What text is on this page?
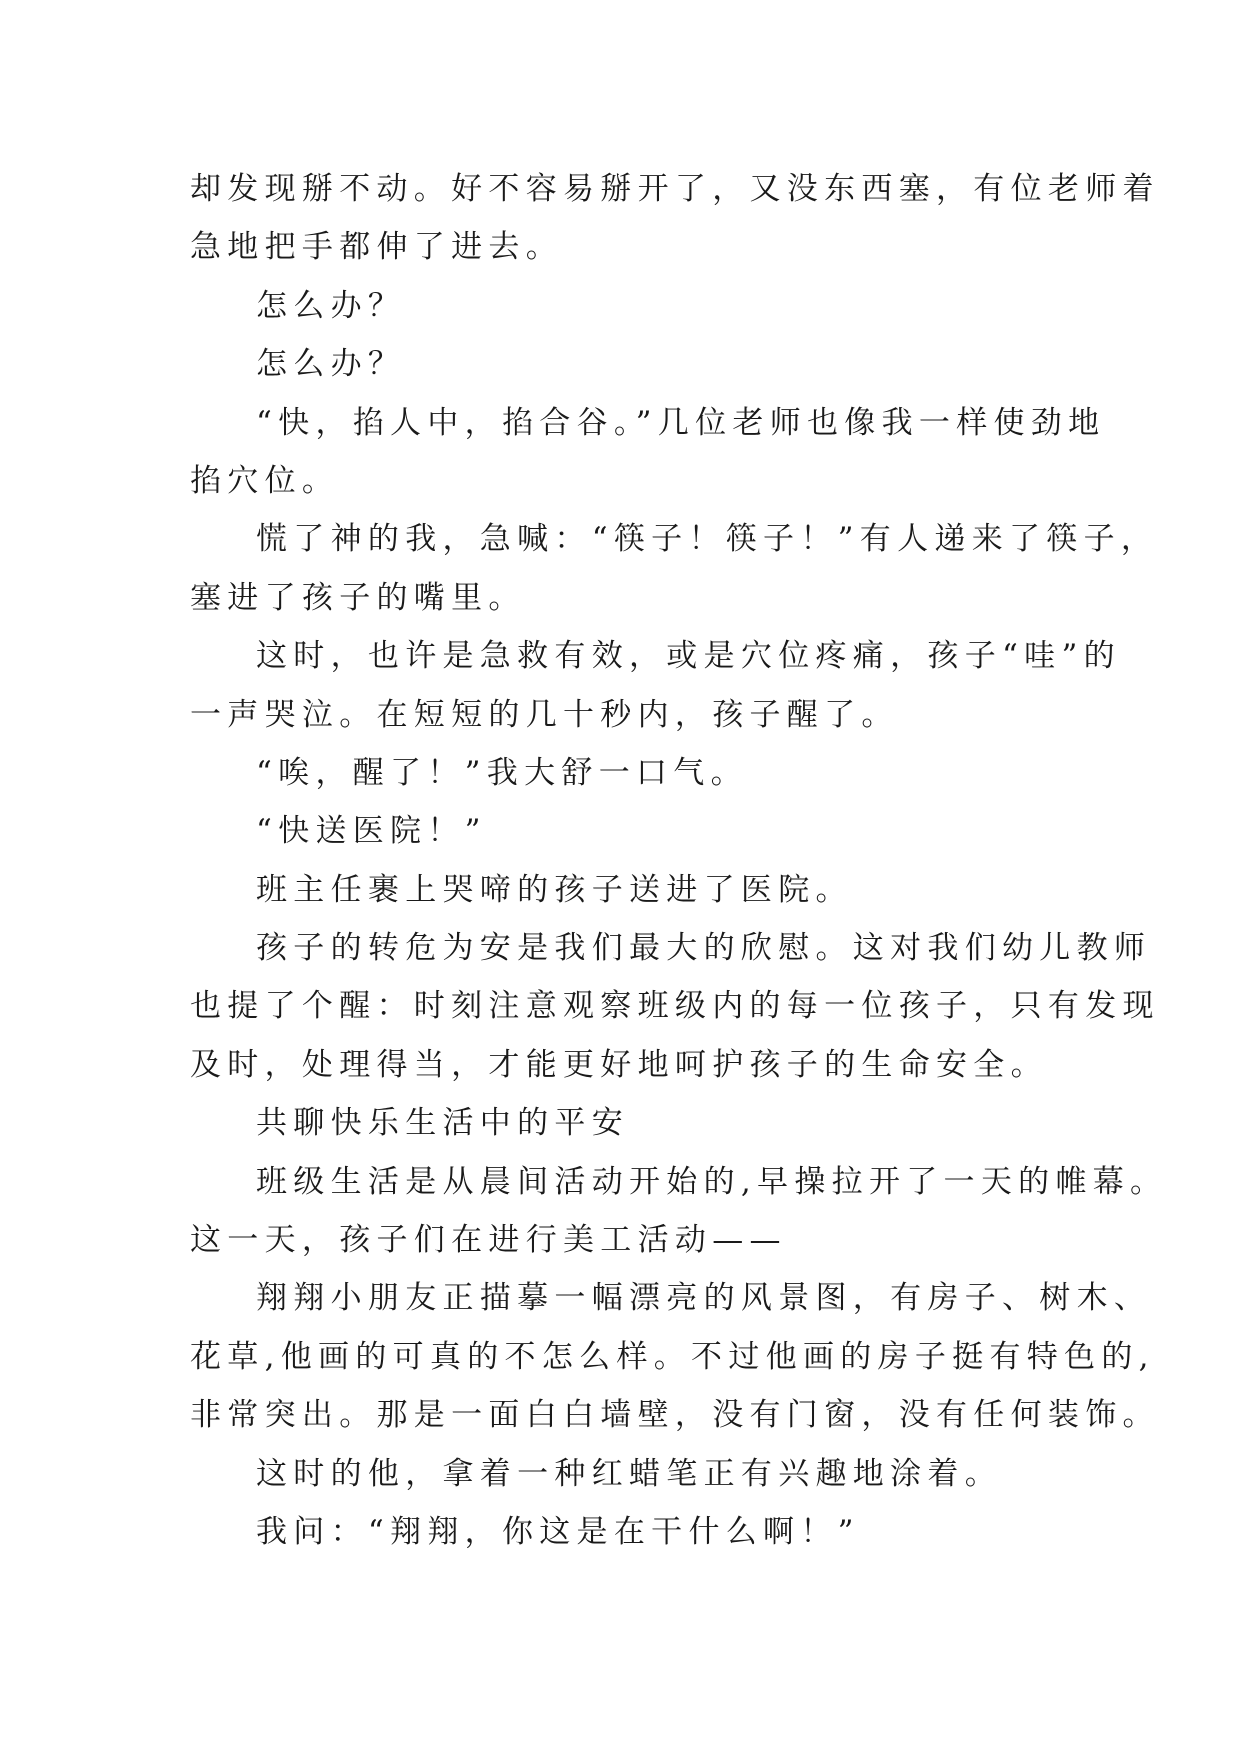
却发现掰不动。好不容易掰开了，又没东西塞，有位老师着
急地把手都伸了进去。
怎么办？
怎么办？
“快，掐人中，掐合谷。”几位老师也像我一样使劲地
掐穴位。
慌了神的我，急喊：“筷子！筷子！”有人递来了筷子，
塞进了孩子的嘴里。
这时，也许是急救有效，或是穴位疼痛，孩子“哇”的
一声哭泣。在短短的几十秒内，孩子醒了。
“唉，醒了！”我大舒一口气。
“快送医院！”
班主任裹上哭啼的孩子送进了医院。
孩子的转危为安是我们最大的欣慰。这对我们幼儿教师
也提了个醒：时刻注意观察班级内的每一位孩子，只有发现
及时，处理得当，才能更好地呵护孩子的生命安全。
共聊快乐生活中的平安
班级生活是从晨间活动开始的,早操拉开了一天的帷幕。
这一天，孩子们在进行美工活动——
翔翔小朋友正描摹一幅漂亮的风景图，有房子、树木、
花草,他画的可真的不怎么样。不过他画的房子挺有特色的,
非常突出。那是一面白白墙壁，没有门窗，没有任何装饰。
这时的他，拿着一种红蜡笔正有兴趣地涂着。
我问：“翔翔，你这是在干什么啊！”
